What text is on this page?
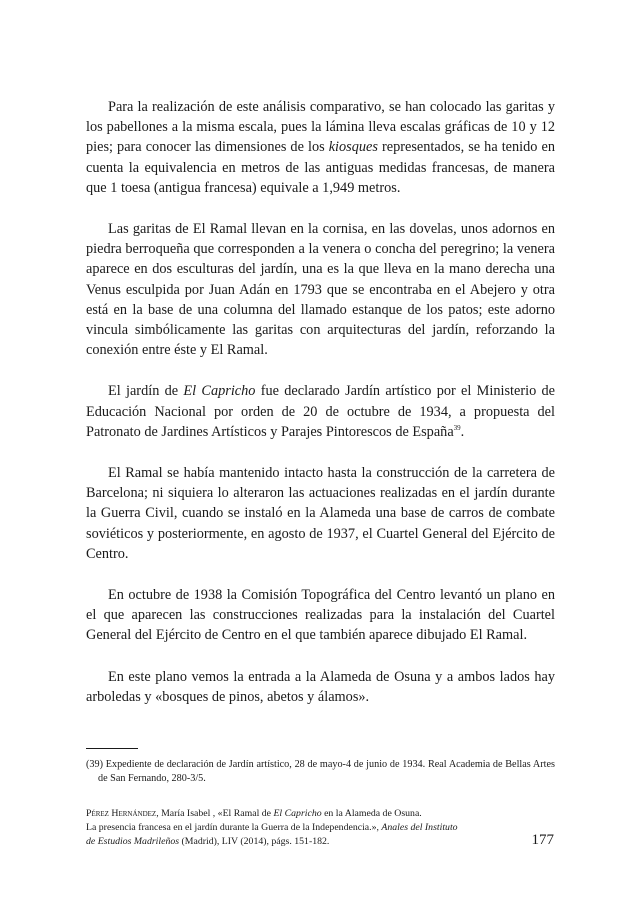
Para la realización de este análisis comparativo, se han colocado las garitas y los pabellones a la misma escala, pues la lámina lleva escalas gráficas de 10 y 12 pies; para conocer las dimensiones de los kiosques representados, se ha tenido en cuenta la equivalencia en metros de las antiguas medidas francesas, de manera que 1 toesa (antigua francesa) equivale a 1,949 metros.

Las garitas de El Ramal llevan en la cornisa, en las dovelas, unos adornos en piedra berroqueña que corresponden a la venera o concha del peregrino; la venera aparece en dos esculturas del jardín, una es la que lleva en la mano derecha una Venus esculpida por Juan Adán en 1793 que se encontraba en el Abejero y otra está en la base de una columna del llamado estanque de los patos; este adorno vincula simbólicamente las garitas con arquitecturas del jardín, reforzando la conexión entre éste y El Ramal.

El jardín de El Capricho fue declarado Jardín artístico por el Ministerio de Educación Nacional por orden de 20 de octubre de 1934, a propuesta del Patronato de Jardines Artísticos y Parajes Pintorescos de España$^{39}$.

El Ramal se había mantenido intacto hasta la construcción de la carretera de Barcelona; ni siquiera lo alteraron las actuaciones realizadas en el jardín durante la Guerra Civil, cuando se instaló en la Alameda una base de carros de combate soviéticos y posteriormente, en agosto de 1937, el Cuartel General del Ejército de Centro.

En octubre de 1938 la Comisión Topográfica del Centro levantó un plano en el que aparecen las construcciones realizadas para la instalación del Cuartel General del Ejército de Centro en el que también aparece dibujado El Ramal.

En este plano vemos la entrada a la Alameda de Osuna y a ambos lados hay arboledas y «bosques de pinos, abetos y álamos».

(39) Expediente de declaración de Jardín artístico, 28 de mayo-4 de junio de 1934. Real Academia de Bellas Artes de San Fernando, 280-3/5.
Pérez Hernández, María Isabel , «El Ramal de El Capricho en la Alameda de Osuna.
La presencia francesa en el jardín durante la Guerra de la Independencia.», Anales del Instituto
de Estudios Madrileños (Madrid), LIV (2014), págs. 151-182.	177
